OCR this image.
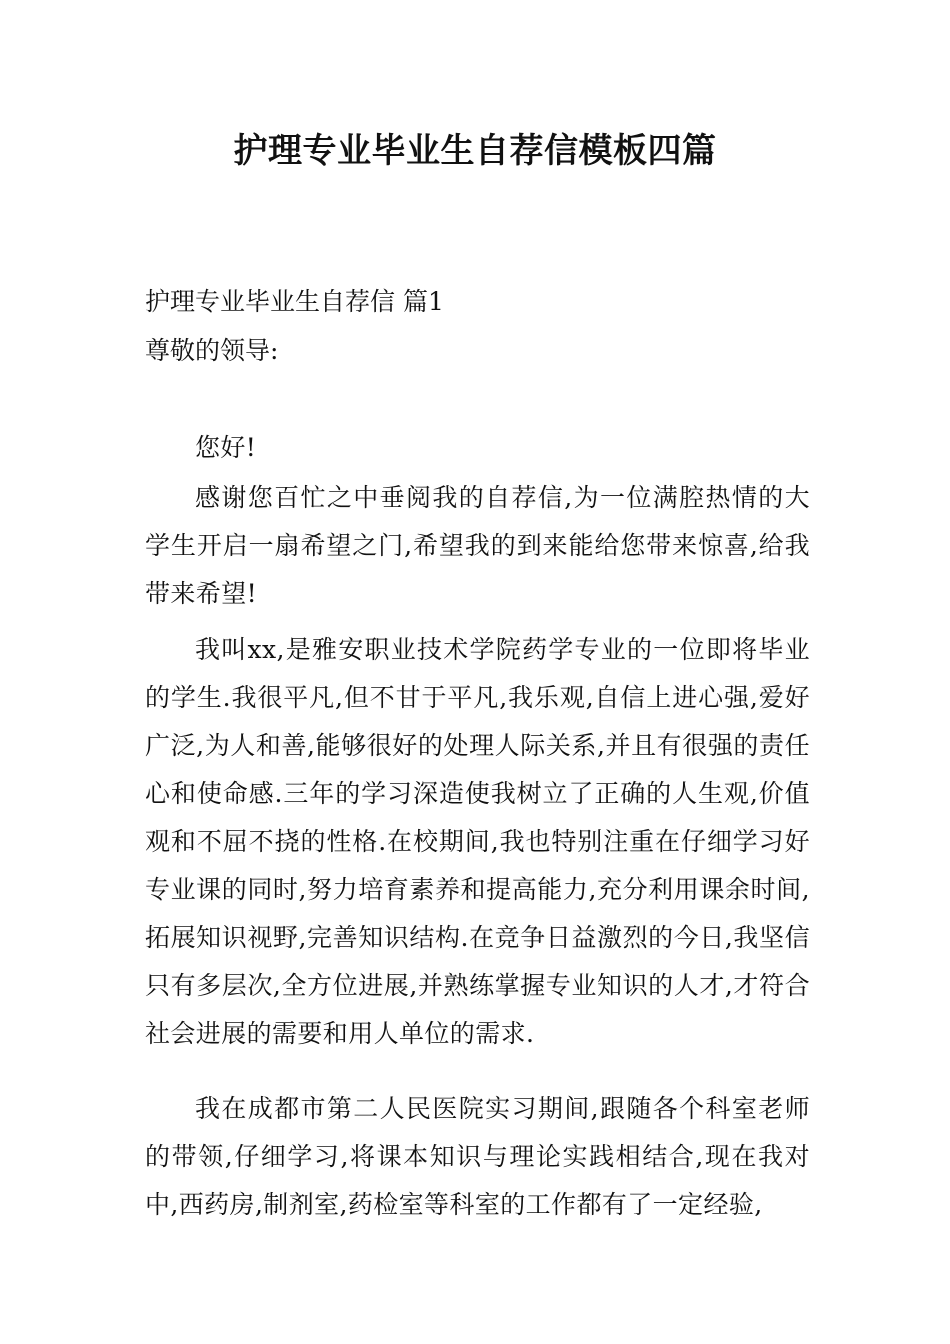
护理专业毕业生自荐信模板四篇

护理专业毕业生自荐信 篇1

尊敬的领导:

您好!

感谢您百忙之中垂阅我的自荐信,为一位满腔热情的大学生开启一扇希望之门,希望我的到来能给您带来惊喜,给我带来希望!

我叫xx,是雅安职业技术学院药学专业的一位即将毕业的学生.我很平凡,但不甘于平凡,我乐观,自信上进心强,爱好广泛,为人和善,能够很好的处理人际关系,并且有很强的责任心和使命感.三年的学习深造使我树立了正确的人生观,价值观和不屈不挠的性格.在校期间,我也特别注重在仔细学习好专业课的同时,努力培育素养和提高能力,充分利用课余时间,拓展知识视野,完善知识结构.在竞争日益激烈的今日,我坚信只有多层次,全方位进展,并熟练掌握专业知识的人才,才符合社会进展的需要和用人单位的需求.

我在成都市第二人民医院实习期间,跟随各个科室老师的带领,仔细学习,将课本知识与理论实践相结合,现在我对中,西药房,制剂室,药检室等科室的工作都有了一定经验,
